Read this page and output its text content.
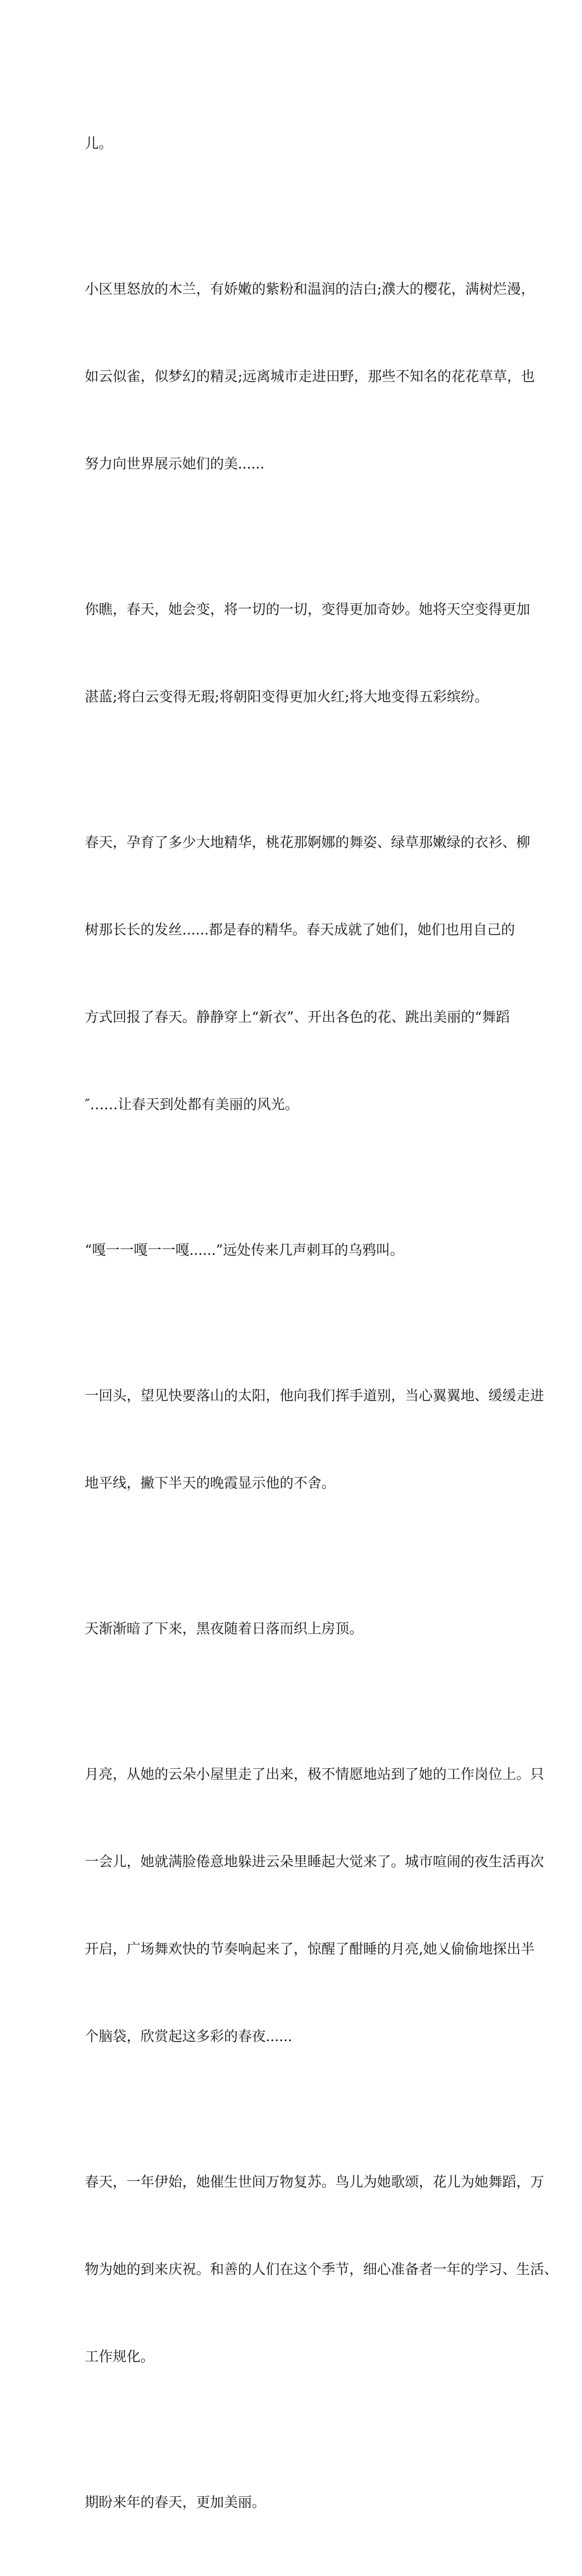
儿。

小区里怒放的木兰，有娇嫩的紫粉和温润的洁白;濮大的樱花，满树烂漫，

如云似雀，似梦幻的精灵;远离城市走进田野，那些不知名的花花草草，也

努力向世界展示她们的美......

你瞧，春天，她会变，将一切的一切，变得更加奇妙。她将天空变得更加

湛蓝;将白云变得无瑕;将朝阳变得更加火红;将大地变得五彩缤纷。

春天，孕育了多少大地精华，桃花那婀娜的舞姿、绿草那嫩绿的衣衫、柳

树那长长的发丝......都是春的精华。春天成就了她们，她们也用自己的

方式回报了春天。静静穿上“新衣”、开出各色的花、跳出美丽的“舞蹈

″……让春天到处都有美丽的风光。

“嘎一一嘎一一嘎......”远处传来几声刺耳的乌鸦叫。

一回头，望见快要落山的太阳，他向我们挥手道别，当心翼翼地、缓缓走进

地平线，撇下半天的晚霞显示他的不舍。

天渐渐暗了下来，黑夜随着日落而织上房顶。

月亮，从她的云朵小屋里走了出来，极不情愿地站到了她的工作岗位上。只

一会儿，她就满脸倦意地躲进云朵里睡起大觉来了。城市喧闹的夜生活再次

开启，广场舞欢快的节奏响起来了，惊醒了酣睡的月亮,她乂偷偷地探出半

个脑袋，欣赏起这多彩的春夜......

春天，一年伊始，她催生世间万物复苏。鸟儿为她歌颂，花儿为她舞蹈，万

物为她的到来庆祝。和善的人们在这个季节，细心准备者一年的学习、生活、

工作规化。

期盼来年的春天，更加美丽。
